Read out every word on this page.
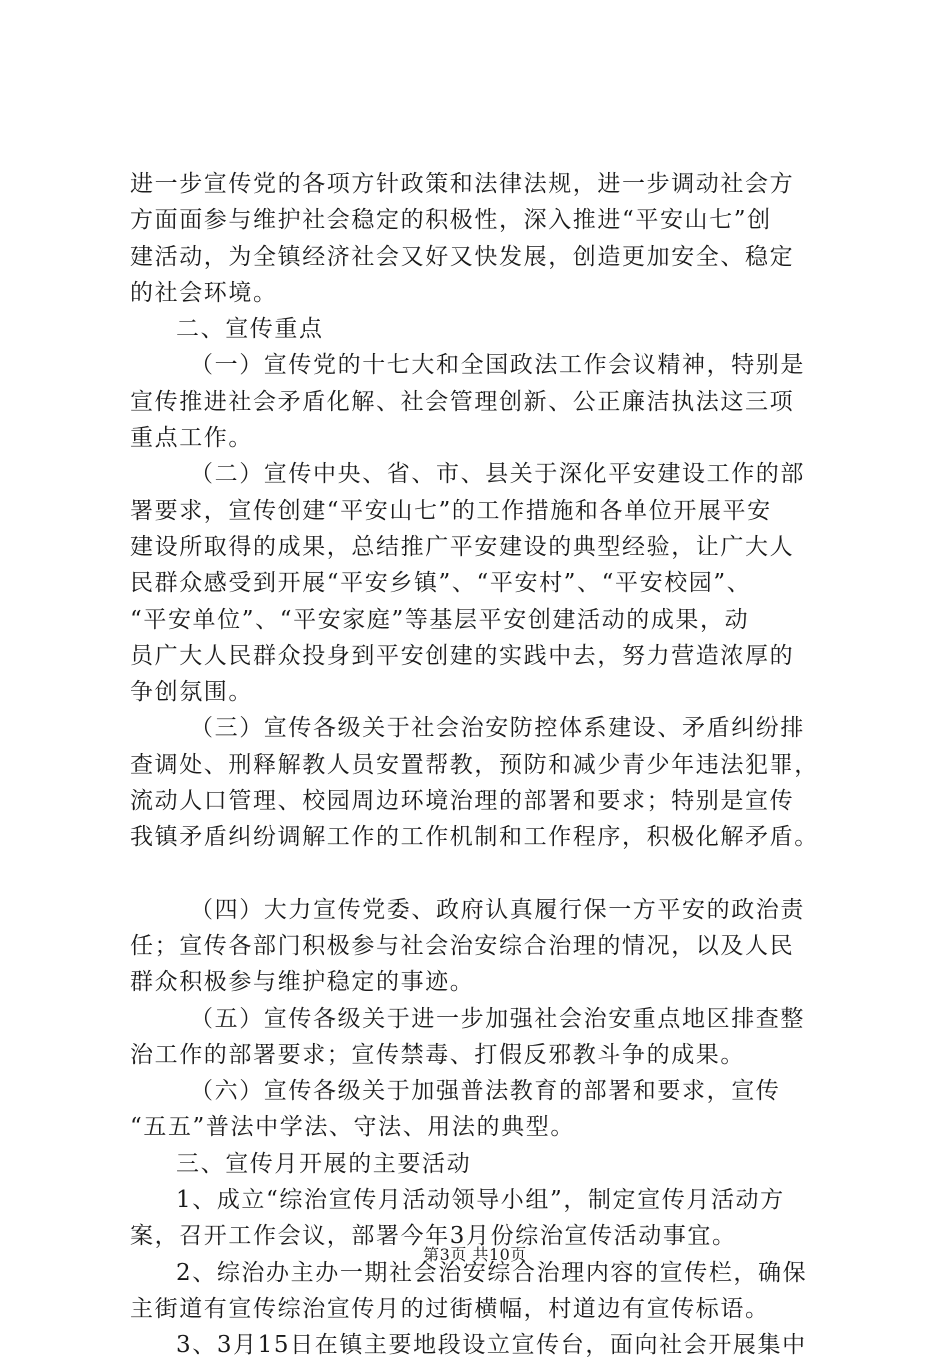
进一步宣传党的各项方针政策和法律法规，进一步调动社会方
方面面参与维护社会稳定的积极性，深入推进“平安山七”创
建活动，为全镇经济社会又好又快发展，创造更加安全、稳定
的社会环境。
二、宣传重点
（一）宣传党的十七大和全国政法工作会议精神，特别是
宣传推进社会矛盾化解、社会管理创新、公正廉洁执法这三项
重点工作。
（二）宣传中央、省、市、县关于深化平安建设工作的部
署要求，宣传创建“平安山七”的工作措施和各单位开展平安
建设所取得的成果，总结推广平安建设的典型经验，让广大人
民群众感受到开展“平安乡镇”、“平安村”、“平安校园”、
“平安单位”、“平安家庭”等基层平安创建活动的成果，动
员广大人民群众投身到平安创建的实践中去，努力营造浓厚的
争创氛围。
（三）宣传各级关于社会治安防控体系建设、矛盾纠纷排
查调处、刑释解教人员安置帮教，预防和减少青少年违法犯罪，
流动人口管理、校园周边环境治理的部署和要求；特别是宣传
我镇矛盾纠纷调解工作的工作机制和工作程序，积极化解矛盾。
（四）大力宣传党委、政府认真履行保一方平安的政治责
任；宣传各部门积极参与社会治安综合治理的情况，以及人民
群众积极参与维护稳定的事迹。
（五）宣传各级关于进一步加强社会治安重点地区排查整
治工作的部署要求；宣传禁毒、打假反邪教斗争的成果。
（六）宣传各级关于加强普法教育的部署和要求，宣传
“五五”普法中学法、守法、用法的典型。
三、宣传月开展的主要活动
1、成立“综治宣传月活动领导小组”，制定宣传月活动方
案，召开工作会议，部署今年3月份综治宣传活动事宜。
2、综治办主办一期社会治安综合治理内容的宣传栏，确保
主街道有宣传综治宣传月的过街横幅，村道边有宣传标语。
3、3月15日在镇主要地段设立宣传台，面向社会开展集中
第3页 共10页
